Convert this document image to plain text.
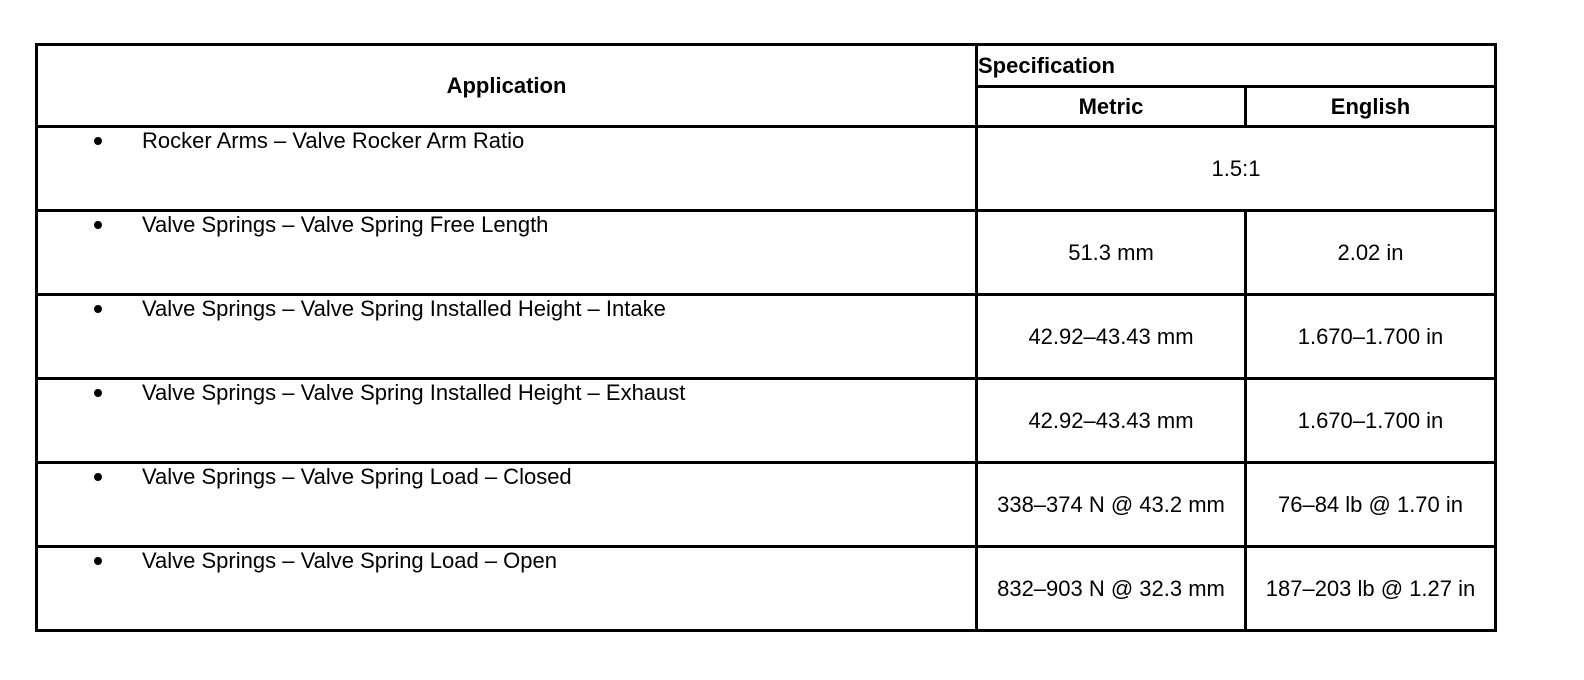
Application	Specification	
	Metric	English
Rocker Arms – Valve Rocker Arm Ratio	1.5:1	
Valve Springs – Valve Spring Free Length	51.3 mm	2.02 in
Valve Springs – Valve Spring Installed Height – Intake	42.92–43.43 mm	1.670–1.700 in
Valve Springs – Valve Spring Installed Height – Exhaust	42.92–43.43 mm	1.670–1.700 in
Valve Springs – Valve Spring Load – Closed	338–374 N @ 43.2 mm	76–84 lb @ 1.70 in
Valve Springs – Valve Spring Load – Open	832–903 N @ 32.3 mm	187–203 lb @ 1.27 in
